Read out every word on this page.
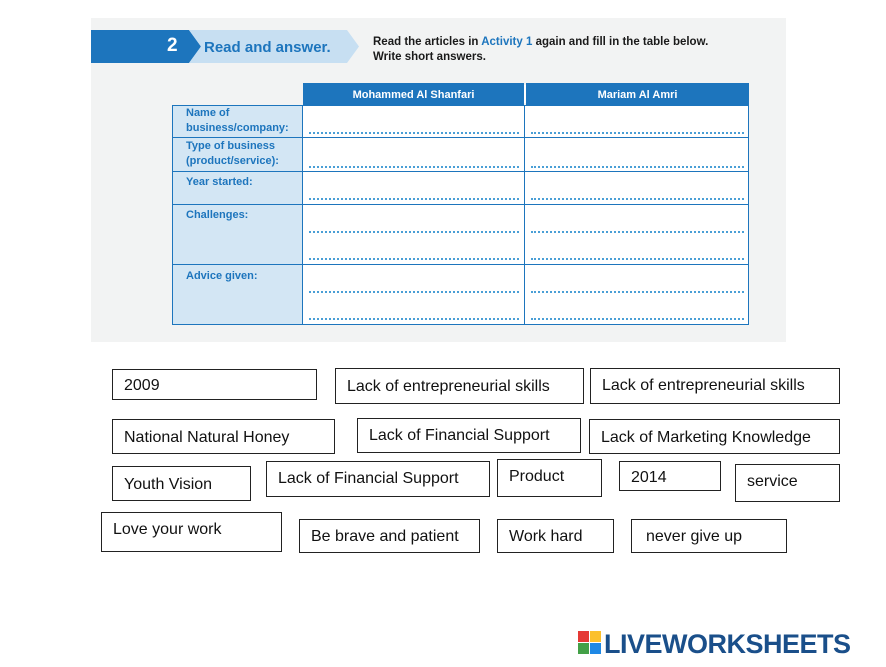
2 Read and answer.	Read the articles in Activity 1 again and fill in the table below.
Write short answers.
Mohammed Al Shanfari	Mariam Al Amri
Name of business/company:
Type of business (product/service):
Year started:
Challenges:
Advice given:
2009	Lack of entrepreneurial skills	Lack of entrepreneurial skills
National Natural Honey	Lack of Financial Support	Lack of Marketing Knowledge
Youth Vision	Lack of Financial Support	Product	2014	service
Love your work	Be brave and patient	Work hard	never give up
LIVEWORKSHEETS
